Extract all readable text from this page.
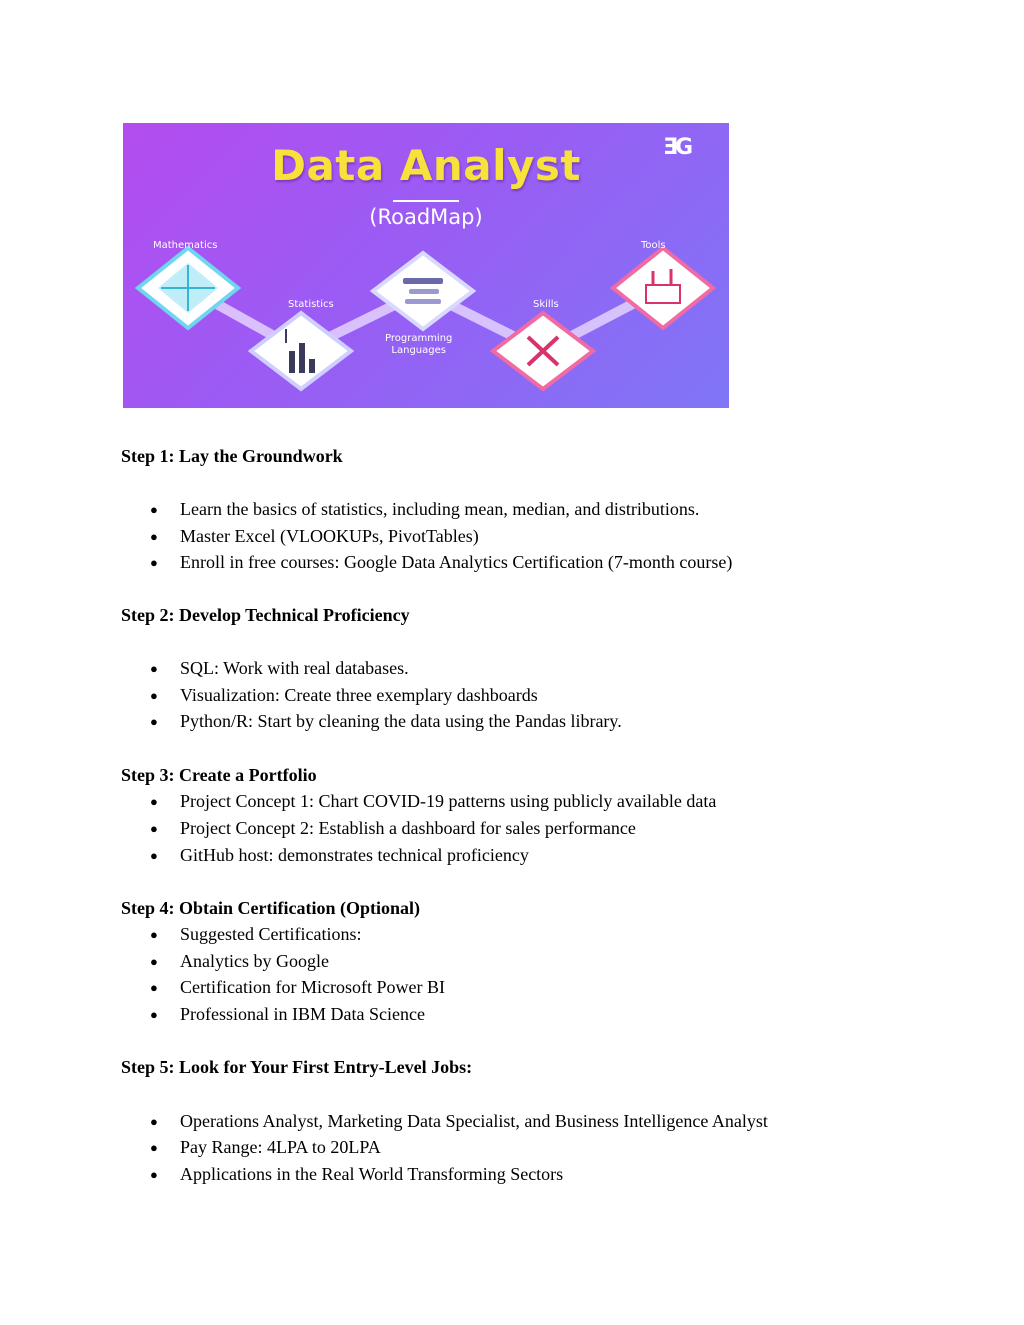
Data Analyst
(RoadMap)
ƎG
Mathematics
Statistics
Programming
Languages
Skills
Tools
Step 1: Lay the Groundwork
● Learn the basics of statistics, including mean, median, and distributions.
● Master Excel (VLOOKUPs, PivotTables)
● Enroll in free courses: Google Data Analytics Certification (7-month course)
Step 2: Develop Technical Proficiency
● SQL: Work with real databases.
● Visualization: Create three exemplary dashboards
● Python/R: Start by cleaning the data using the Pandas library.
Step 3: Create a Portfolio
● Project Concept 1: Chart COVID-19 patterns using publicly available data
● Project Concept 2: Establish a dashboard for sales performance
● GitHub host: demonstrates technical proficiency
Step 4: Obtain Certification (Optional)
● Suggested Certifications:
● Analytics by Google
● Certification for Microsoft Power BI
● Professional in IBM Data Science
Step 5: Look for Your First Entry-Level Jobs:
● Operations Analyst, Marketing Data Specialist, and Business Intelligence Analyst
● Pay Range: 4LPA to 20LPA
● Applications in the Real World Transforming Sectors
